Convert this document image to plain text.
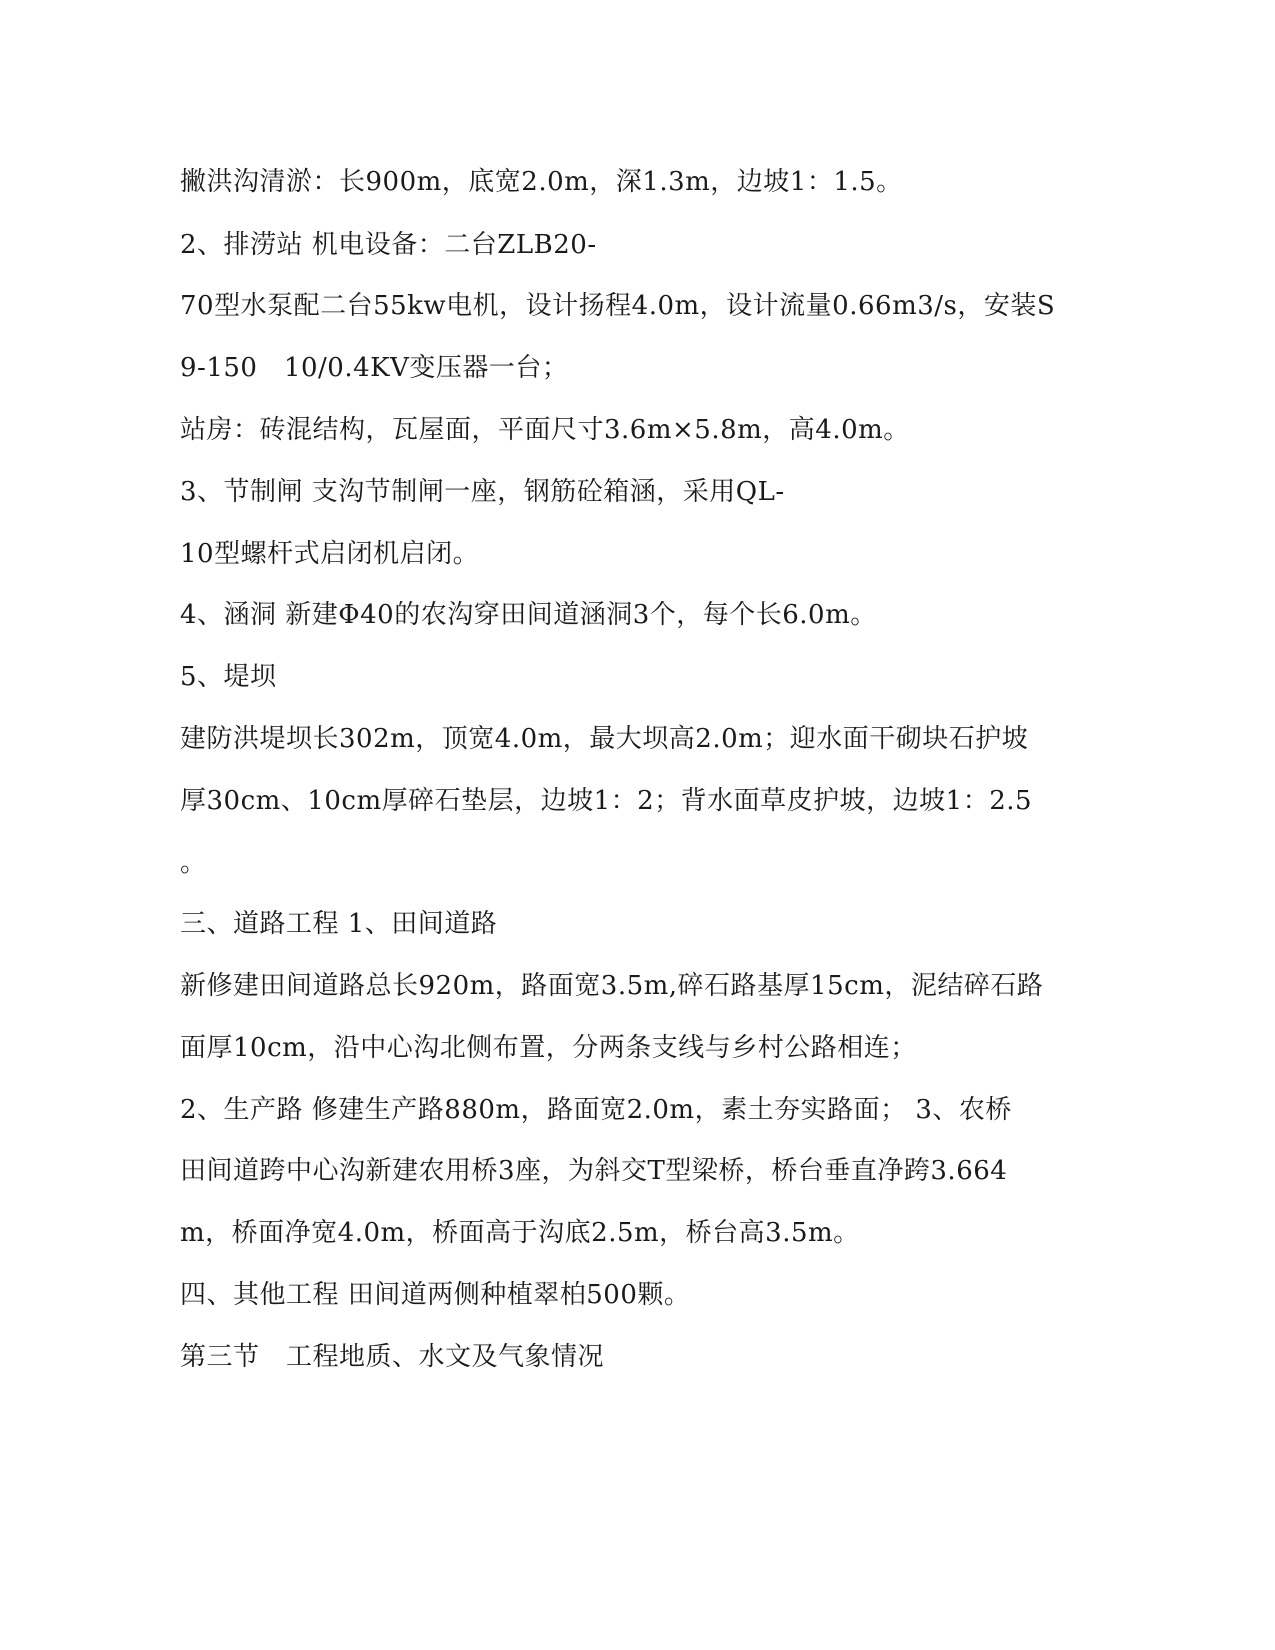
撇洪沟清淤：长900m，底宽2.0m，深1.3m，边坡1：1.5。
2、排涝站 机电设备：二台ZLB20-
70型水泵配二台55kw电机，设计扬程4.0m，设计流量0.66m3/s，安装S
9-150　10/0.4KV变压器一台；
站房：砖混结构，瓦屋面，平面尺寸3.6m×5.8m，高4.0m。
3、节制闸 支沟节制闸一座，钢筋砼箱涵，采用QL-
10型螺杆式启闭机启闭。
4、涵洞 新建Φ40的农沟穿田间道涵洞3个，每个长6.0m。
5、堤坝
建防洪堤坝长302m，顶宽4.0m，最大坝高2.0m；迎水面干砌块石护坡
厚30cm、10cm厚碎石垫层，边坡1：2；背水面草皮护坡，边坡1：2.5
。
三、道路工程 1、田间道路
新修建田间道路总长920m，路面宽3.5m,碎石路基厚15cm，泥结碎石路
面厚10cm，沿中心沟北侧布置，分两条支线与乡村公路相连；
2、生产路 修建生产路880m，路面宽2.0m，素土夯实路面； 3、农桥
田间道跨中心沟新建农用桥3座，为斜交T型梁桥，桥台垂直净跨3.664
m，桥面净宽4.0m，桥面高于沟底2.5m，桥台高3.5m。
四、其他工程 田间道两侧种植翠柏500颗。
第三节　工程地质、水文及气象情况
